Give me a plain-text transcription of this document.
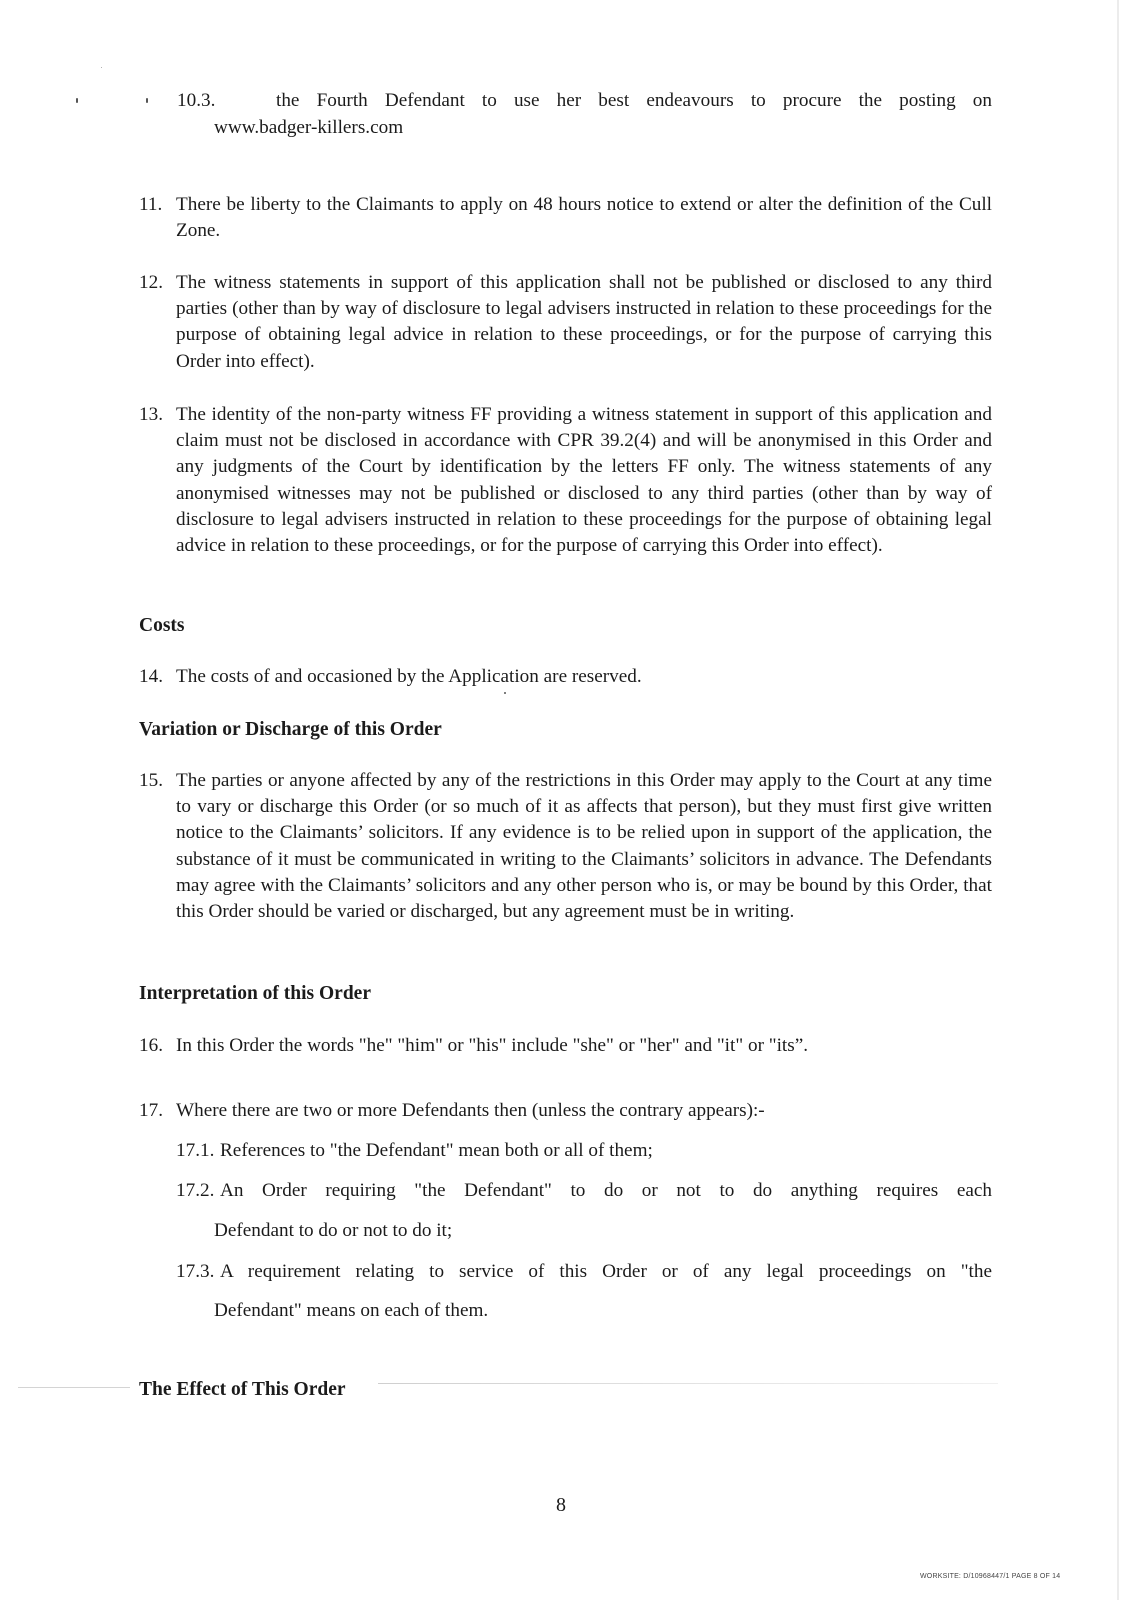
10.3.	the Fourth Defendant to use her best endeavours to procure the posting on

www.badger-killers.com

11. There be liberty to the Claimants to apply on 48 hours notice to extend or alter the definition of the Cull Zone.

12. The witness statements in support of this application shall not be published or disclosed to any third parties (other than by way of disclosure to legal advisers instructed in relation to these proceedings for the purpose of obtaining legal advice in relation to these proceedings, or for the purpose of carrying this Order into effect).

13. The identity of the non-party witness FF providing a witness statement in support of this application and claim must not be disclosed in accordance with CPR 39.2(4) and will be anonymised in this Order and any judgments of the Court by identification by the letters FF only. The witness statements of any anonymised witnesses may not be published or disclosed to any third parties (other than by way of disclosure to legal advisers instructed in relation to these proceedings for the purpose of obtaining legal advice in relation to these proceedings, or for the purpose of carrying this Order into effect).

Costs

14. The costs of and occasioned by the Application are reserved.

Variation or Discharge of this Order

15. The parties or anyone affected by any of the restrictions in this Order may apply to the Court at any time to vary or discharge this Order (or so much of it as affects that person), but they must first give written notice to the Claimants’ solicitors. If any evidence is to be relied upon in support of the application, the substance of it must be communicated in writing to the Claimants’ solicitors in advance. The Defendants may agree with the Claimants’ solicitors and any other person who is, or may be bound by this Order, that this Order should be varied or discharged, but any agreement must be in writing.

Interpretation of this Order

16. In this Order the words "he" "him" or "his" include "she" or "her" and "it" or "its”.

17. Where there are two or more Defendants then (unless the contrary appears):-

17.1. References to "the Defendant" mean both or all of them;

17.2. An Order requiring "the Defendant" to do or not to do anything requires each

Defendant to do or not to do it;

17.3. A requirement relating to service of this Order or of any legal proceedings on "the

Defendant" means on each of them.

The Effect of This Order

8

WORKSITE: D/10968447/1 PAGE 8 OF 14
